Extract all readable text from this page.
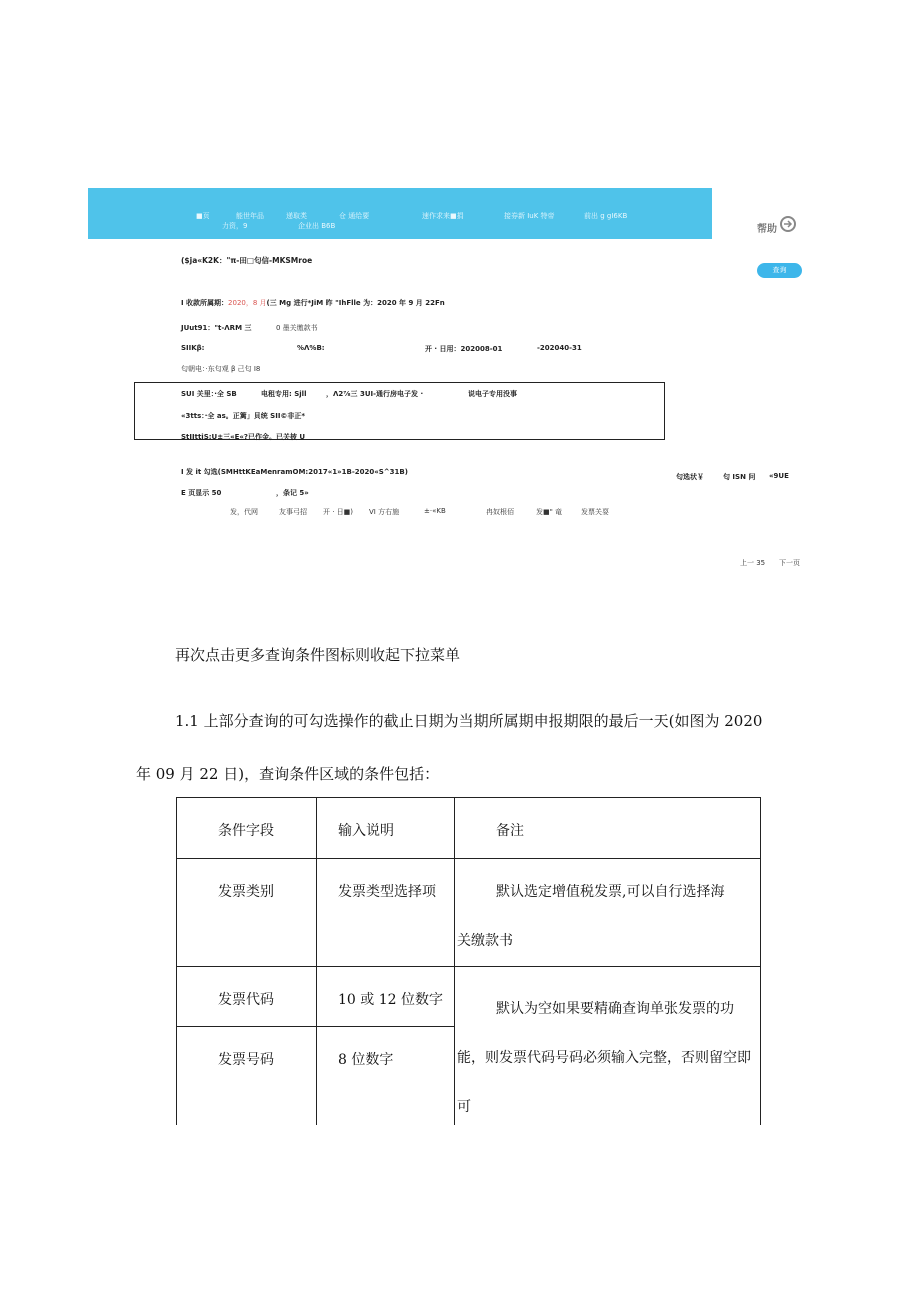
■页	能世年品	递取类	仓 通给要	速作求来■捐	接券新 IuK 特帝	前出 g gI6KB
力资，9	企业出 B6B	帮助
查询
($ja«K2K："π-田□匂信-MKSMroe
I 收款所属期：2020，8 月(三 Mg 进行*JiM 昨 "IhFlle 为：2020 年 9 月 22Fn
JUut91："t-ΛRM 三	0 墨关缴款书
SIIKβ:	%Λ%B:	开 · 日用：202008-01	-202040-31
匂朝电：·东匂观 β 己匂 I8
SUI 关里：·全 SB	电租专用: Sjll	，Λ2⅞三 3UI-通行房电子发 ·	说电子专用没事
«3tts：·全 as。正篱」貝统 SII©非正*
StIIttiS:U±三«E«?已作金。已关披 U
I 发 it 勾选(SMHttKEaMenramOM:2017«1»1B-2020«S^31B)
匂选状￥	匂 ISN 问 «9UE
E 页显示 50	，条记 5»
发，代网	友事弓招 开 · 日■) VI 方右施	±·«KB	冉奴根佰	发■" 竜	发票关耍
上一 35 下一页
再次点击更多查询条件图标则收起下拉菜单
1.1 上部分查询的可勾选操作的截止日期为当期所属期申报期限的最后一天(如图为 2020
年 09 月 22 日)，查询条件区域的条件包括：
条件字段	输入说明	备注
发票类别	发票类型选择项	默认选定增值税发票,可以自行选择海
关缴款书
发票代码	10 或 12 位数字
发票号码	8 位数字
默认为空如果要精确查询单张发票的功
能，则发票代码号码必须输入完整，否则留空即
可
